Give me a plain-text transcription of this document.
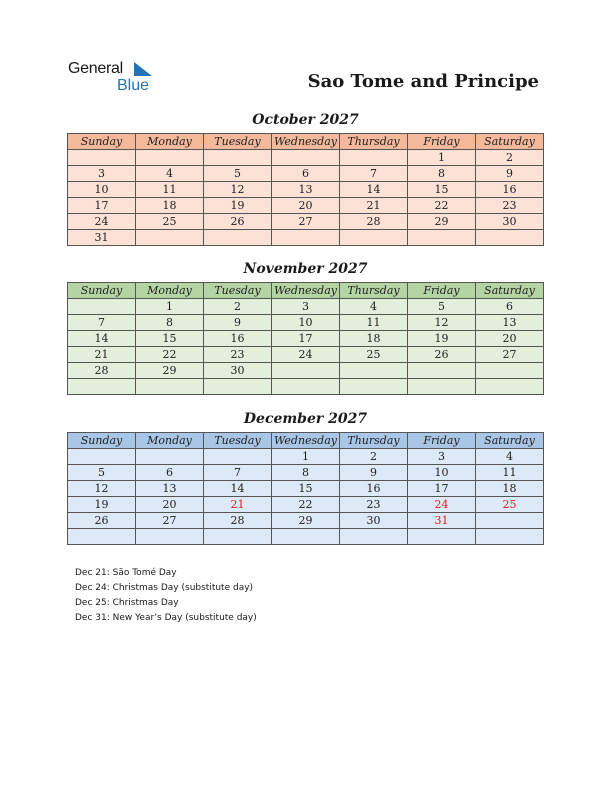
General
Blue	Sao Tome and Principe
October 2027
Sunday	Monday	Tuesday	Wednesday	Thursday	Friday	Saturday
					1	2
3	4	5	6	7	8	9
10	11	12	13	14	15	16
17	18	19	20	21	22	23
24	25	26	27	28	29	30
31						
November 2027
Sunday	Monday	Tuesday	Wednesday	Thursday	Friday	Saturday
	1	2	3	4	5	6
7	8	9	10	11	12	13
14	15	16	17	18	19	20
21	22	23	24	25	26	27
28	29	30				

December 2027
Sunday	Monday	Tuesday	Wednesday	Thursday	Friday	Saturday
			1	2	3	4
5	6	7	8	9	10	11
12	13	14	15	16	17	18
19	20	21	22	23	24	25
26	27	28	29	30	31	

Dec 21: São Tomé Day
Dec 24: Christmas Day (substitute day)
Dec 25: Christmas Day
Dec 31: New Year’s Day (substitute day)
